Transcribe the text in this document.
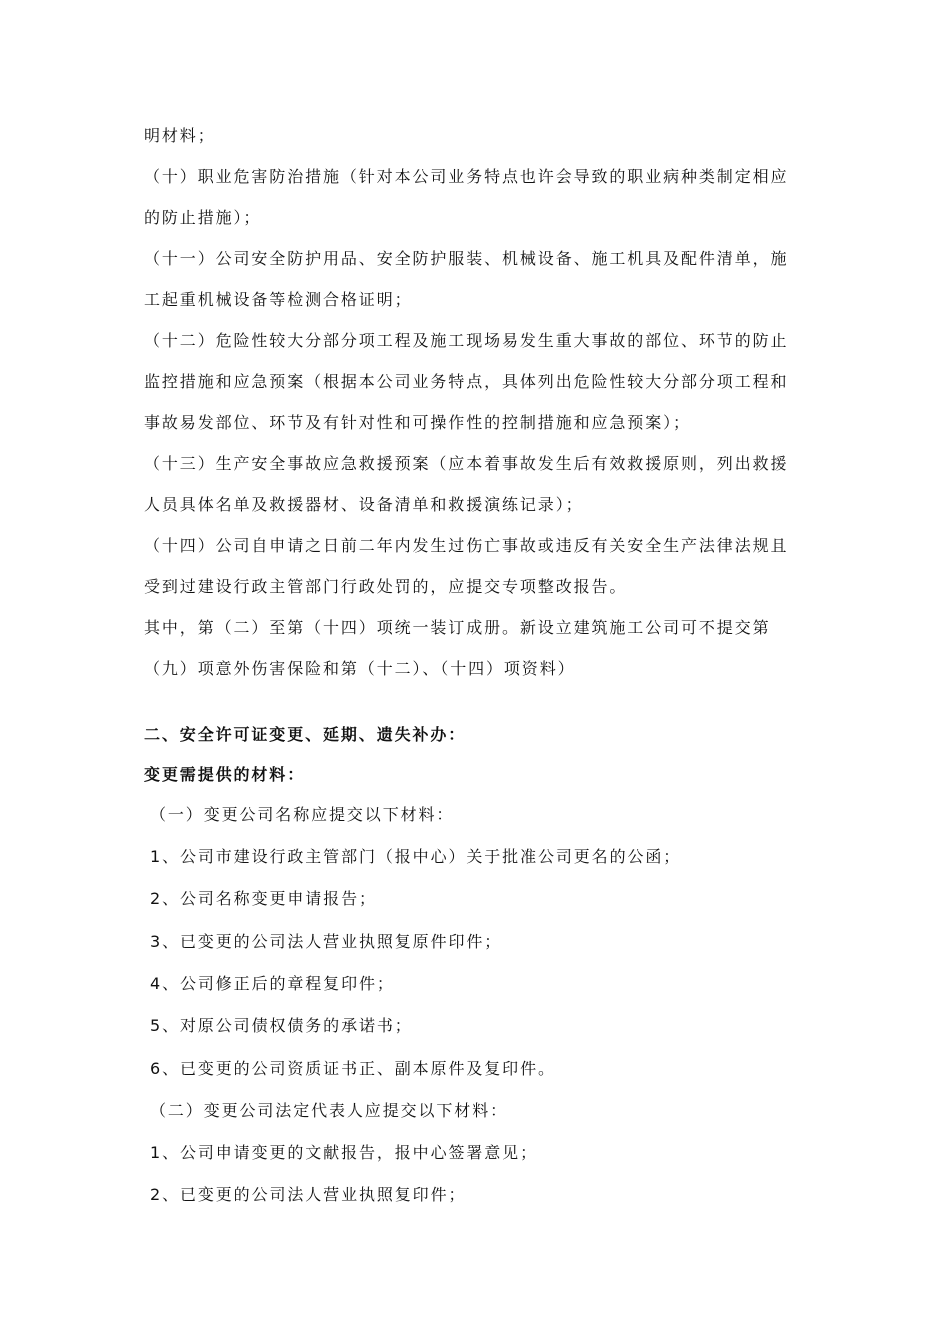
明材料；
（十）职业危害防治措施（针对本公司业务特点也许会导致的职业病种类制定相应
的防止措施）；
（十一）公司安全防护用品、安全防护服装、机械设备、施工机具及配件清单，施
工起重机械设备等检测合格证明；
（十二）危险性较大分部分项工程及施工现场易发生重大事故的部位、环节的防止
监控措施和应急预案（根据本公司业务特点，具体列出危险性较大分部分项工程和
事故易发部位、环节及有针对性和可操作性的控制措施和应急预案）；
（十三）生产安全事故应急救援预案（应本着事故发生后有效救援原则，列出救援
人员具体名单及救援器材、设备清单和救援演练记录）；
（十四）公司自申请之日前二年内发生过伤亡事故或违反有关安全生产法律法规且
受到过建设行政主管部门行政处罚的，应提交专项整改报告。
其中，第（二）至第（十四）项统一装订成册。新设立建筑施工公司可不提交第
（九）项意外伤害保险和第（十二）、（十四）项资料）
二、安全许可证变更、延期、遗失补办：
变更需提供的材料：
（一）变更公司名称应提交以下材料：
1、公司市建设行政主管部门（报中心）关于批准公司更名的公函；
2、公司名称变更申请报告；
3、已变更的公司法人营业执照复原件印件；
4、公司修正后的章程复印件；
5、对原公司债权债务的承诺书；
6、已变更的公司资质证书正、副本原件及复印件。
（二）变更公司法定代表人应提交以下材料：
1、公司申请变更的文献报告，报中心签署意见；
2、已变更的公司法人营业执照复印件；
